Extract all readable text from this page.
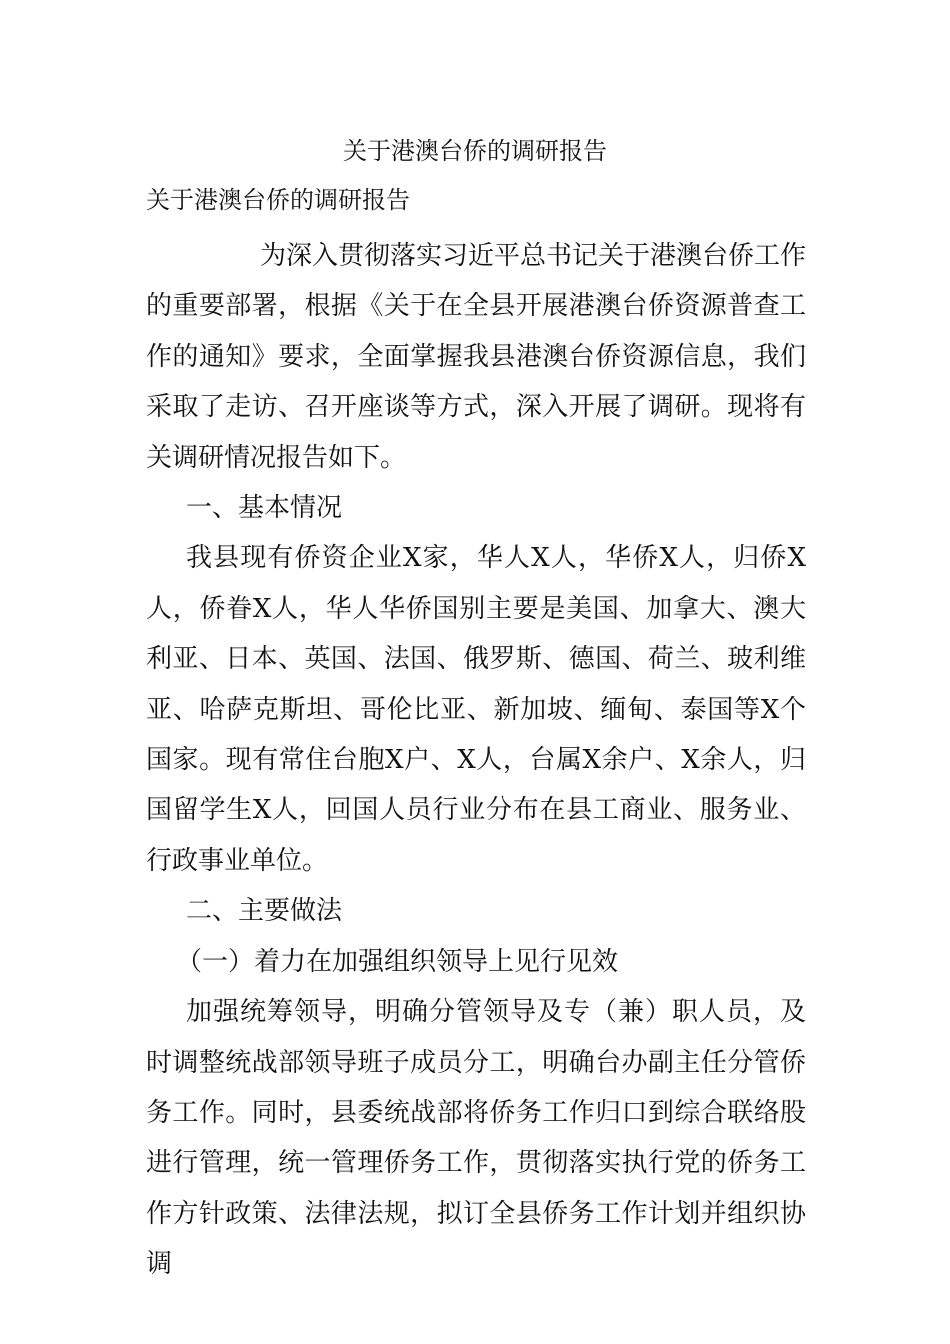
关于港澳台侨的调研报告
关于港澳台侨的调研报告

为深入贯彻落实习近平总书记关于港澳台侨工作的重要部署，根据《关于在全县开展港澳台侨资源普查工作的通知》要求，全面掌握我县港澳台侨资源信息，我们采取了走访、召开座谈等方式，深入开展了调研。现将有关调研情况报告如下。

一、基本情况

我县现有侨资企业X家，华人X人，华侨X人，归侨X人，侨眷X人，华人华侨国别主要是美国、加拿大、澳大利亚、日本、英国、法国、俄罗斯、德国、荷兰、玻利维亚、哈萨克斯坦、哥伦比亚、新加坡、缅甸、泰国等X个国家。现有常住台胞X户、X人，台属X余户、X余人，归国留学生X人，回国人员行业分布在县工商业、服务业、行政事业单位。

二、主要做法

（一）着力在加强组织领导上见行见效

加强统筹领导，明确分管领导及专（兼）职人员，及时调整统战部领导班子成员分工，明确台办副主任分管侨务工作。同时，县委统战部将侨务工作归口到综合联络股进行管理，统一管理侨务工作，贯彻落实执行党的侨务工作方针政策、法律法规，拟订全县侨务工作计划并组织协调
